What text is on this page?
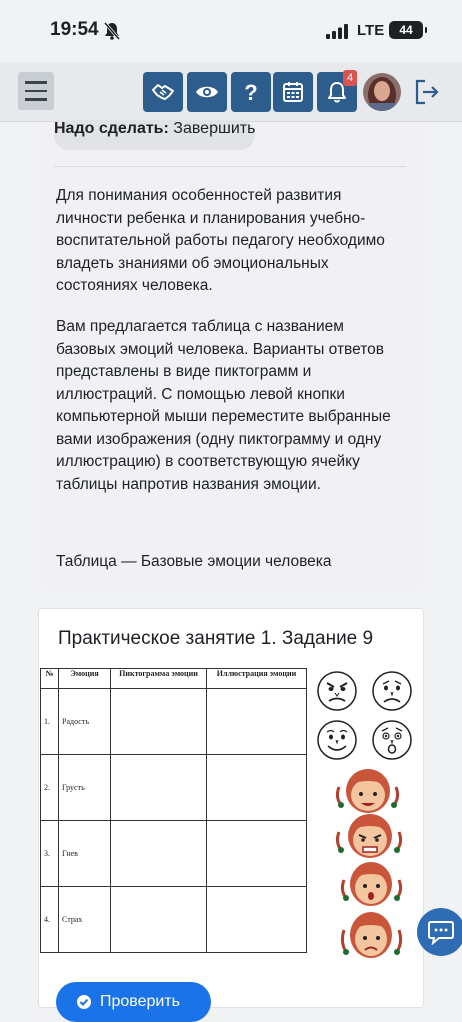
19:54	LTE	44
?
4
Надо сделать: Завершить

Для понимания особенностей развития личности ребенка и планирования учебно-воспитательной работы педагогу необходимо владеть знаниями об эмоциональных состояниях человека.

Вам предлагается таблица с названием базовых эмоций человека. Варианты ответов представлены в виде пиктограмм и иллюстраций. С помощью левой кнопки компьютерной мыши переместите выбранные вами изображения (одну пиктограмму и одну иллюстрацию) в соответствующую ячейку таблицы напротив названия эмоции.

Таблица — Базовые эмоции человека

Практическое занятие 1. Задание 9
№	Эмоция	Пиктограмма эмоции	Иллюстрация эмоции
1.	Радость		
2.	Грусть		
3.	Гнев		
4.	Страх		
Проверить
